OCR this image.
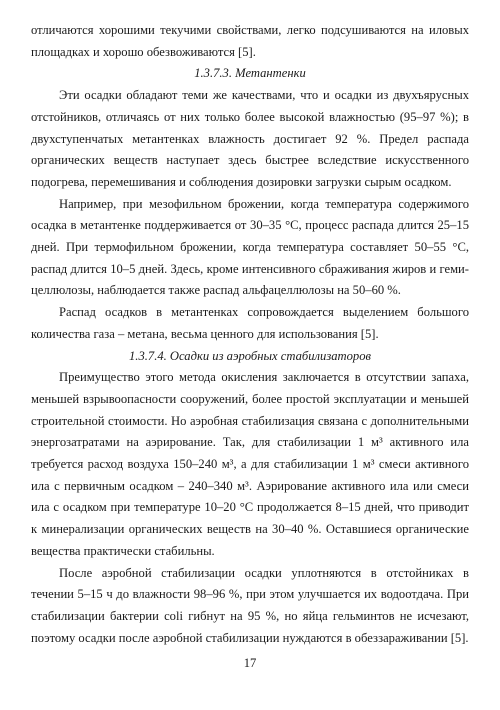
отличаются хорошими текучими свойствами, легко подсушиваются на иловых площадках и хорошо обезвоживаются [5].

1.3.7.3. Метантенки

Эти осадки обладают теми же качествами, что и осадки из двухъярусных отстойников, отличаясь от них только более высокой влажностью (95–97 %); в двухступенчатых метантенках влажность достигает 92 %. Предел распада органических веществ наступает здесь быстрее вследствие искусственного подогрева, перемешивания и соблюдения дозировки загрузки сырым осадком.

Например, при мезофильном брожении, когда температура содержимого осадка в метантенке поддерживается от 30–35 °С, процесс распада длится 25–15 дней. При термофильном брожении, когда температура составляет 50–55 °С, распад длится 10–5 дней. Здесь, кроме интенсивного сбраживания жиров и геми-целлюлозы, наблюдается также распад альфацеллюлозы на 50–60 %.

Распад осадков в метантенках сопровождается выделением большого количества газа – метана, весьма ценного для использования [5].

1.3.7.4. Осадки из аэробных стабилизаторов

Преимущество этого метода окисления заключается в отсутствии запаха, меньшей взрывоопасности сооружений, более простой эксплуатации и меньшей строительной стоимости. Но аэробная стабилизация связана с дополнительными энергозатратами на аэрирование. Так, для стабилизации 1 м³ активного ила требуется расход воздуха 150–240 м³, а для стабилизации 1 м³ смеси активного ила с первичным осадком – 240–340 м³. Аэрирование активного ила или смеси ила с осадком при температуре 10–20 °С продолжается 8–15 дней, что приводит к минерализации органических веществ на 30–40 %. Оставшиеся органические вещества практически стабильны.

После аэробной стабилизации осадки уплотняются в отстойниках в течении 5–15 ч до влажности 98–96 %, при этом улучшается их водоотдача. При стабилизации бактерии coli гибнут на 95 %, но яйца гельминтов не исчезают, поэтому осадки после аэробной стабилизации нуждаются в обеззараживании [5].

17
